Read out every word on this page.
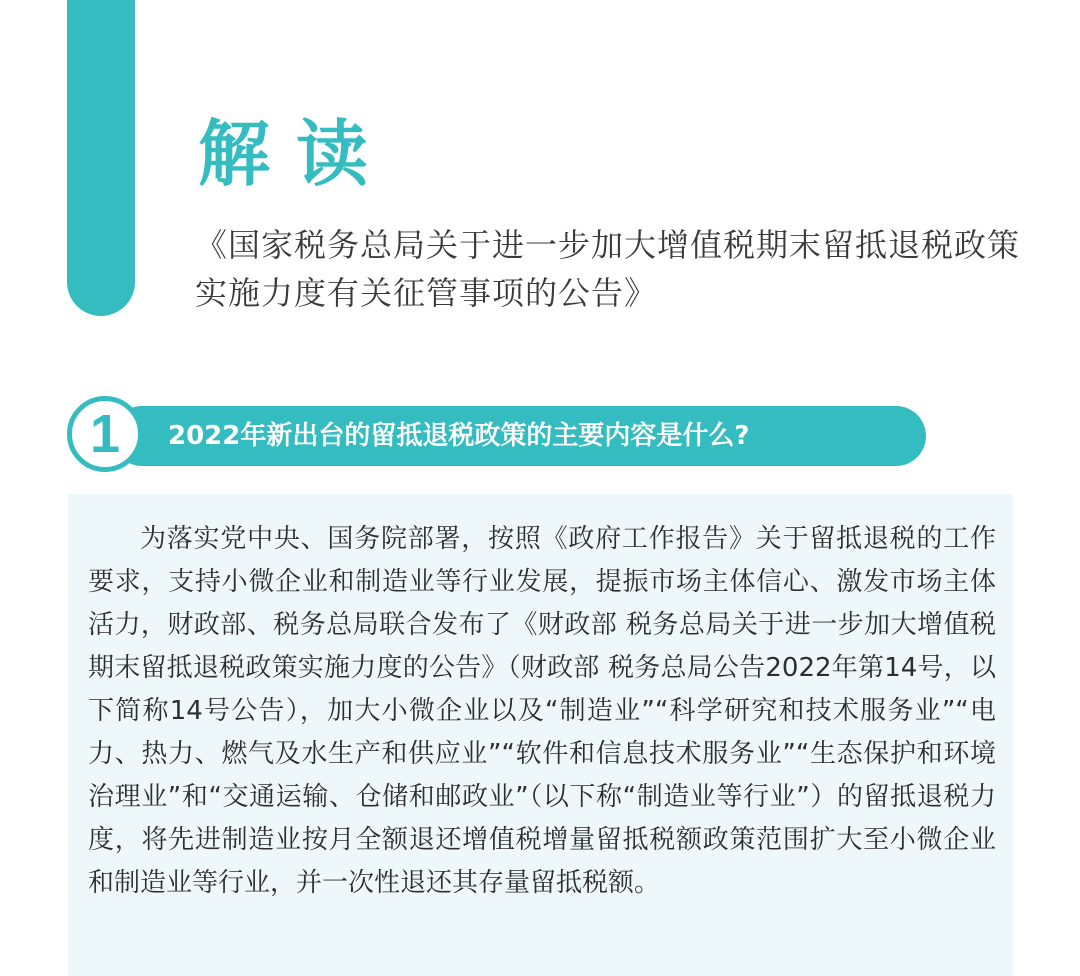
解读

《国家税务总局关于进一步加大增值税期末留抵退税政策实施力度有关征管事项的公告》

2022年新出台的留抵退税政策的主要内容是什么?

1

为落实党中央、国务院部署，按照《政府工作报告》关于留抵退税的工作要求，支持小微企业和制造业等行业发展，提振市场主体信心、激发市场主体活力，财政部、税务总局联合发布了《财政部 税务总局关于进一步加大增值税期末留抵退税政策实施力度的公告》（财政部 税务总局公告2022年第14号，以下简称14号公告），加大小微企业以及“制造业”“科学研究和技术服务业”“电力、热力、燃气及水生产和供应业”“软件和信息技术服务业”“生态保护和环境治理业”和“交通运输、仓储和邮政业”（以下称“制造业等行业”）的留抵退税力度，将先进制造业按月全额退还增值税增量留抵税额政策范围扩大至小微企业和制造业等行业，并一次性退还其存量留抵税额。
